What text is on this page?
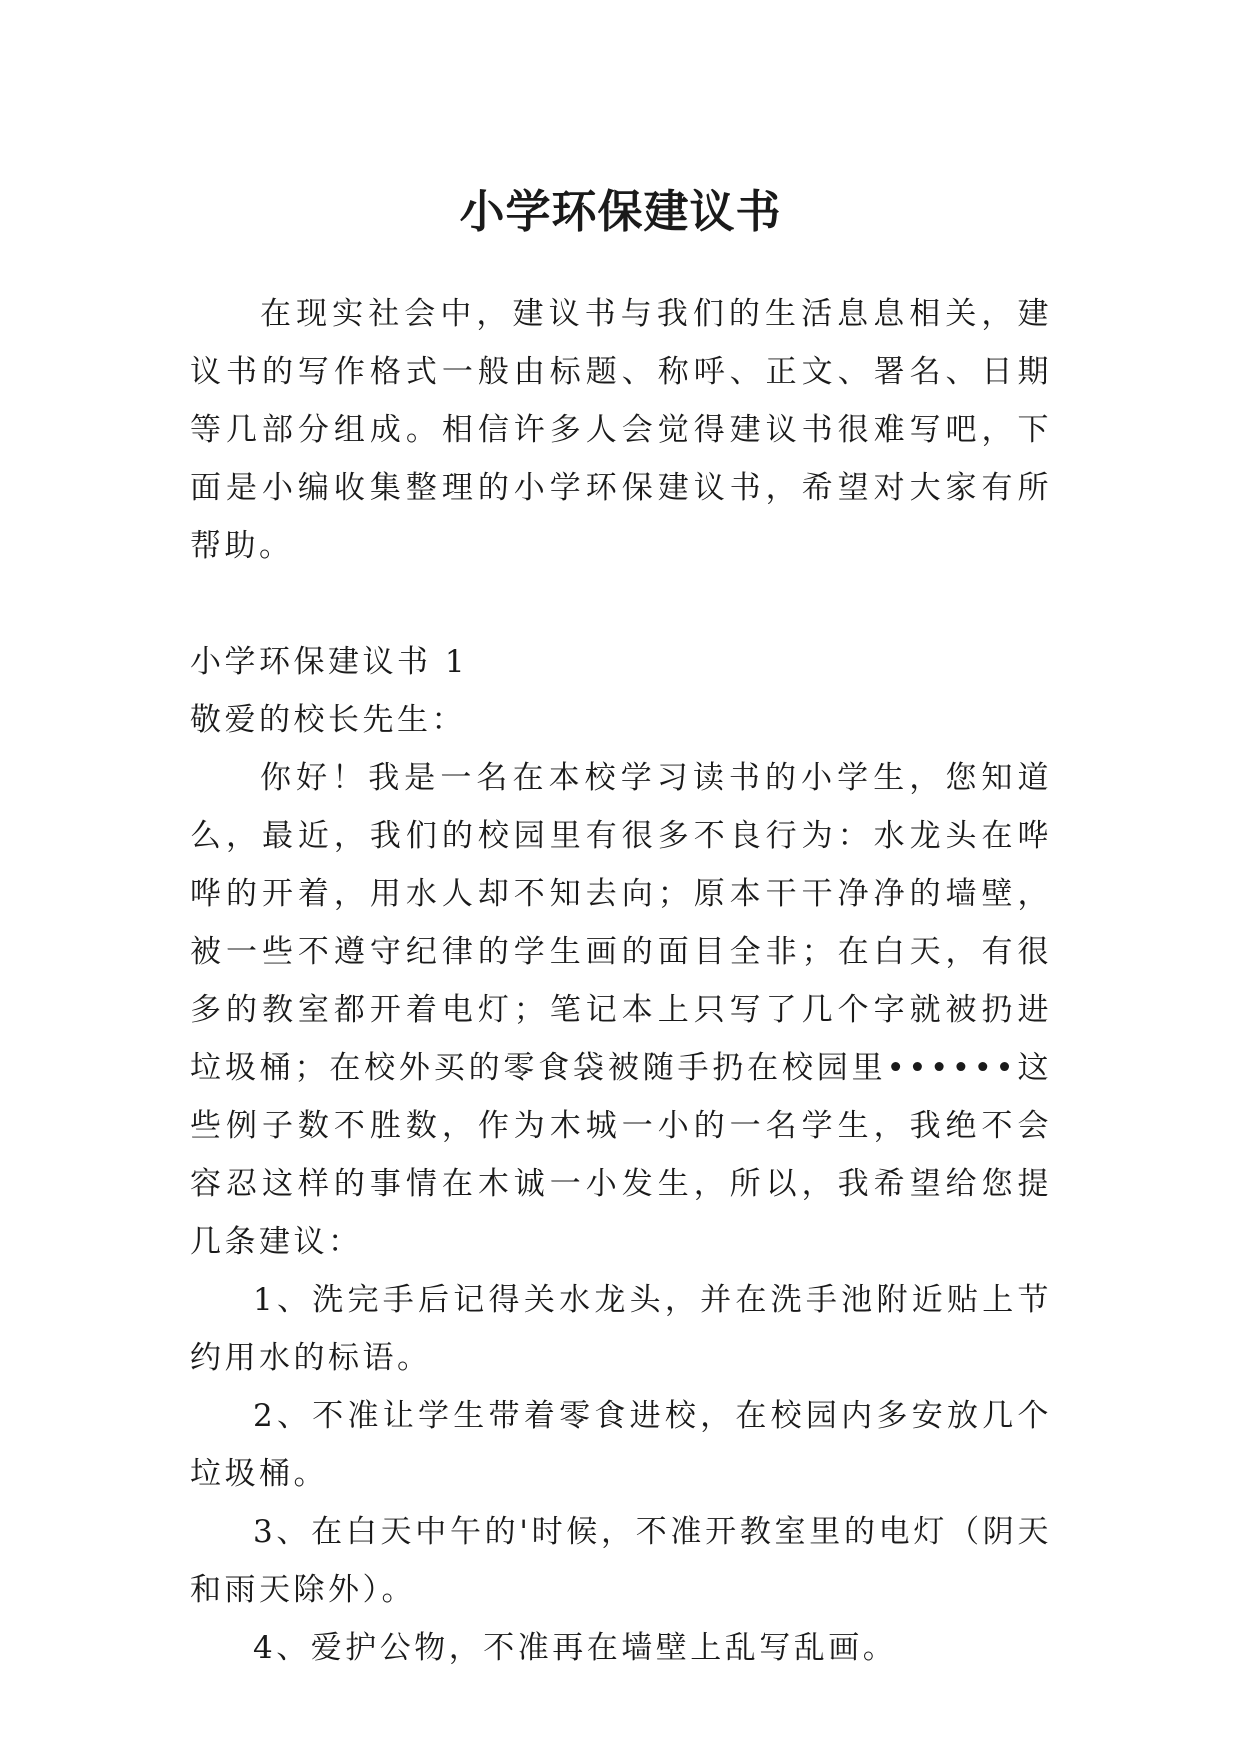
小学环保建议书

在现实社会中，建议书与我们的生活息息相关，建议书的写作格式一般由标题、称呼、正文、署名、日期等几部分组成。相信许多人会觉得建议书很难写吧，下面是小编收集整理的小学环保建议书，希望对大家有所帮助。

小学环保建议书 1

敬爱的校长先生：

你好！我是一名在本校学习读书的小学生，您知道么，最近，我们的校园里有很多不良行为：水龙头在哗哗的开着，用水人却不知去向；原本干干净净的墙壁，被一些不遵守纪律的学生画的面目全非；在白天，有很多的教室都开着电灯；笔记本上只写了几个字就被扔进垃圾桶；在校外买的零食袋被随手扔在校园里••••••这些例子数不胜数，作为木城一小的一名学生，我绝不会容忍这样的事情在木诚一小发生，所以，我希望给您提几条建议：

1、洗完手后记得关水龙头，并在洗手池附近贴上节约用水的标语。

2、不准让学生带着零食进校，在校园内多安放几个垃圾桶。

3、在白天中午的'时候，不准开教室里的电灯（阴天和雨天除外）。

4、爱护公物，不准再在墙壁上乱写乱画。
